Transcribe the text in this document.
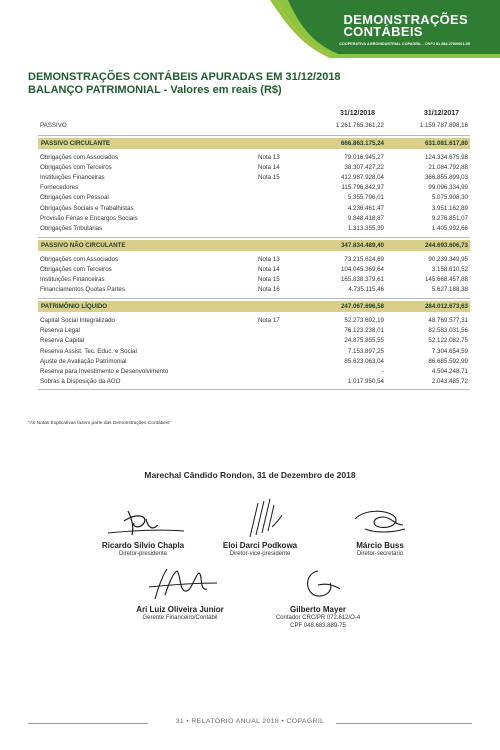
DEMONSTRAÇÕES
CONTÁBEIS
COOPERATIVA AGROINDUSTRIAL COPAGRIL - CNPJ 81.584.278/0001-55
DEMONSTRAÇÕES CONTÁBEIS APURADAS EM 31/12/2018
BALANÇO PATRIMONIAL - Valores em reais (R$)
31/12/2018	31/12/2017
PASSIVO	1.261.765.361,22	1.159.787.898,16
PASSIVO CIRCULANTE	666.863.175,24	631.081.617,80
Obrigações com Associados	Nota 13	79.016.945,27	124.334.675,98
Obrigações com Terceiros	Nota 14	38.307.427,22	21.084.792,88
Instituições Financeiras	Nota 15	412.987.928,04	366.855.899,03
Fornecedores	115.796.842,97	99.096.334,99
Obrigações com Pessoal	5.355.796,01	5.075.908,30
Obrigações Sociais e Trabalhistas	4.236.461,47	3.951.162,89
Provisão Férias e Encargos Sociais	9.848.418,87	9.276.851,07
Obrigações Tributárias	1.313.355,39	1.405.992,66
PASSIVO NÃO CIRCULANTE	347.834.489,40	244.693.606,73
Obrigações com Associados	Nota 13	73.215.624,69	90.239.349,95
Obrigações com Terceiros	Nota 14	104.045.369,64	3.158.610,52
Instituições Financeiras	Nota 15	165.838.379,61	145.668.457,88
Financiamentos Quotas Partes	Nota 16	4.735.115,46	5.627.188,38
PATRIMÔNIO LÍQUIDO	247.067.696,58	284.012.673,63
Capital Social Integralizado	Nota 17	52.273.692,19	48.769.577,31
Reserva Legal	76.123.238,01	82.583.031,56
Reserva Capital	24.875.855,55	52.122.082,75
Reserva Assist. Tec. Educ. e Social	7.153.897,25	7.304.654,59
Ajuste de Avaliação Patrimonial	85.623.063,04	86.685.592,99
Reserva para Investimento e Desenvolvimento	-	4.504.248,71
Sobras à Disposição da AGO	1.017.950,54	2.043.485,72
"As Notas Explicativas fazem parte das Demonstrações Contábeis"
Marechal Cândido Rondon, 31 de Dezembro de 2018
Ricardo Silvio Chapla
Diretor-presidente
Eloi Darci Podkowa
Diretor-vice-presidente
Márcio Buss
Diretor-secretário
Ari Luiz Oliveira Junior
Gerente Financeiro/Contábil
Gilberto Mayer
Contador CRC/PR 072.612/O-4
CPF 048.683.889-75
31 • RELATÓRIO ANUAL 2018 • COPAGRIL
